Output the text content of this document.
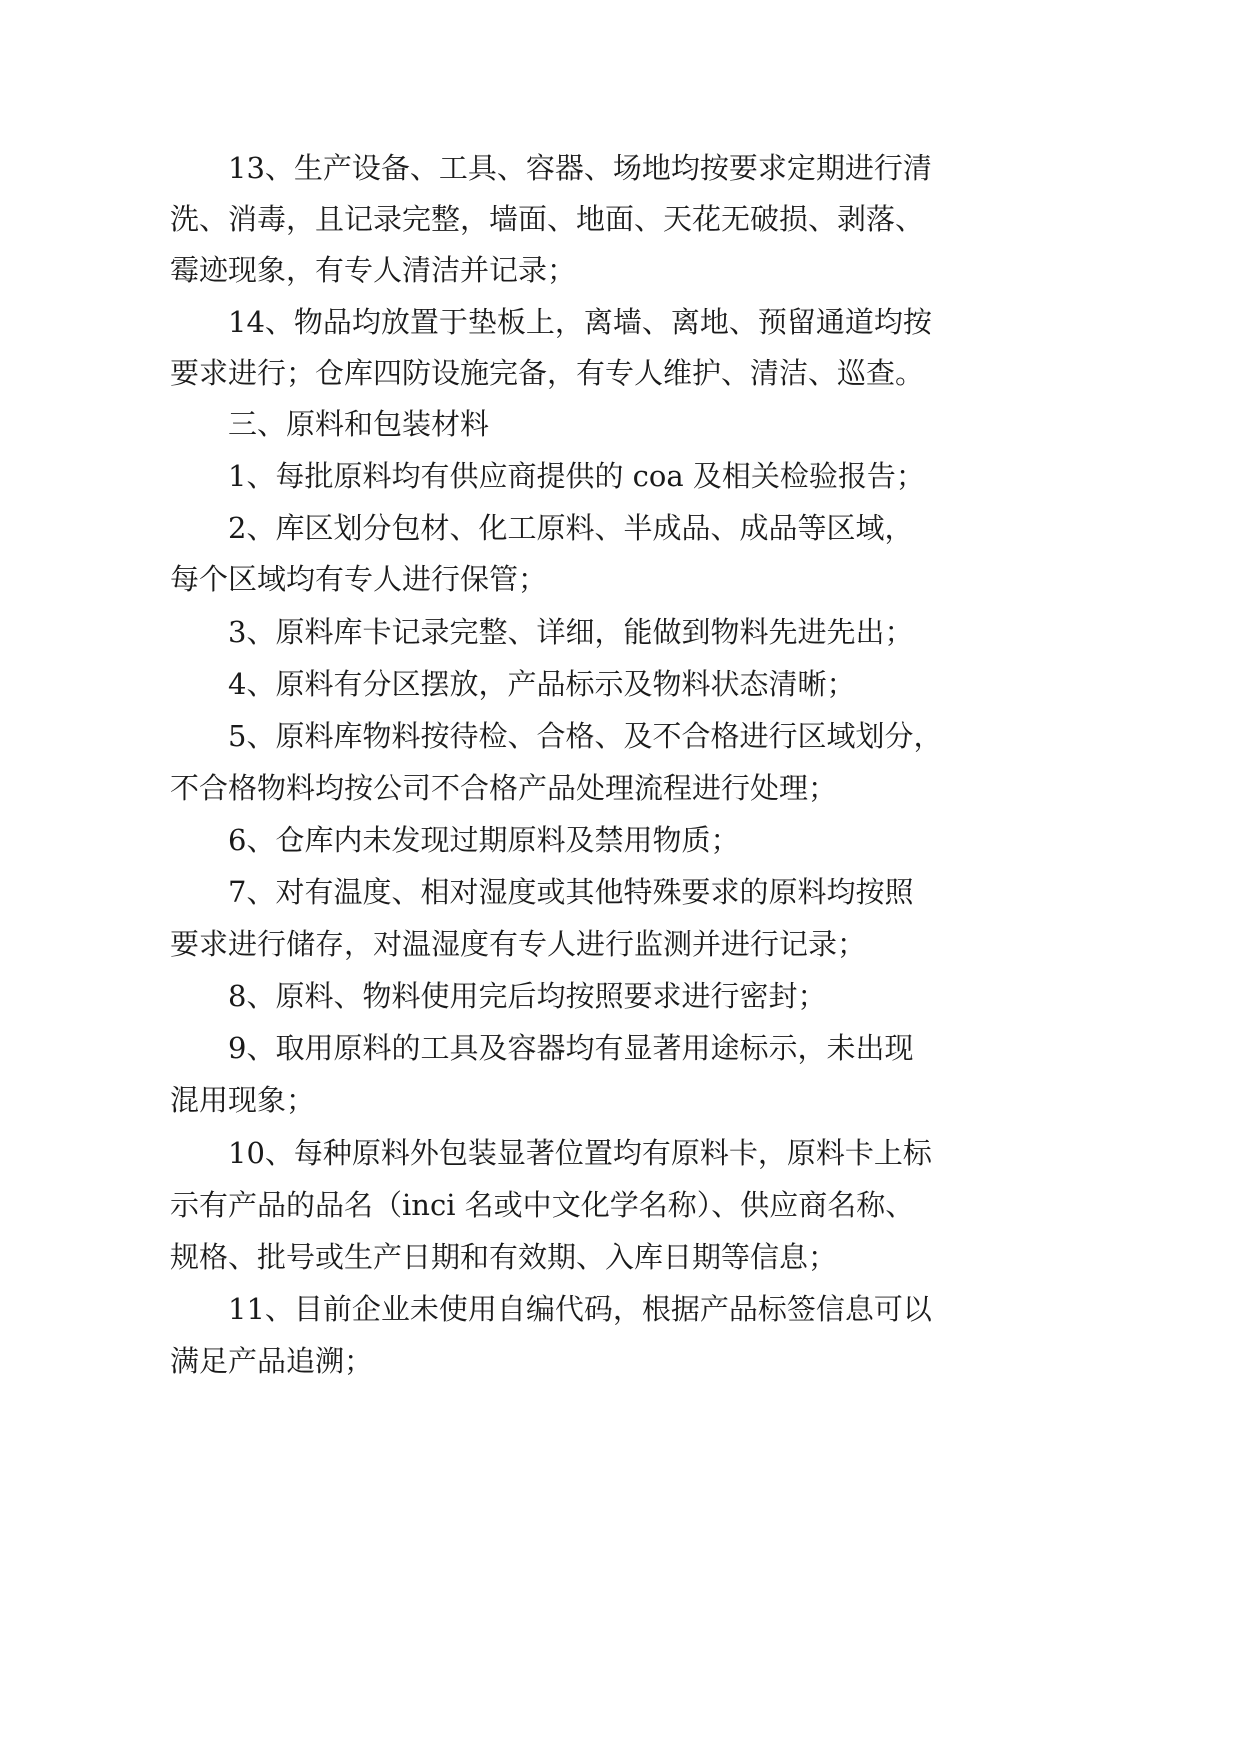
13、生产设备、工具、容器、场地均按要求定期进行清
洗、消毒，且记录完整，墙面、地面、天花无破损、剥落、
霉迹现象，有专人清洁并记录；
14、物品均放置于垫板上，离墙、离地、预留通道均按
要求进行；仓库四防设施完备，有专人维护、清洁、巡查。
三、原料和包装材料
1、每批原料均有供应商提供的 coa 及相关检验报告；
2、库区划分包材、化工原料、半成品、成品等区域，
每个区域均有专人进行保管；
3、原料库卡记录完整、详细，能做到物料先进先出；
4、原料有分区摆放，产品标示及物料状态清晰；
5、原料库物料按待检、合格、及不合格进行区域划分，
不合格物料均按公司不合格产品处理流程进行处理；
6、仓库内未发现过期原料及禁用物质；
7、对有温度、相对湿度或其他特殊要求的原料均按照
要求进行储存，对温湿度有专人进行监测并进行记录；
8、原料、物料使用完后均按照要求进行密封；
9、取用原料的工具及容器均有显著用途标示，未出现
混用现象；
10、每种原料外包装显著位置均有原料卡，原料卡上标
示有产品的品名（inci 名或中文化学名称）、供应商名称、
规格、批号或生产日期和有效期、入库日期等信息；
11、目前企业未使用自编代码，根据产品标签信息可以
满足产品追溯；
